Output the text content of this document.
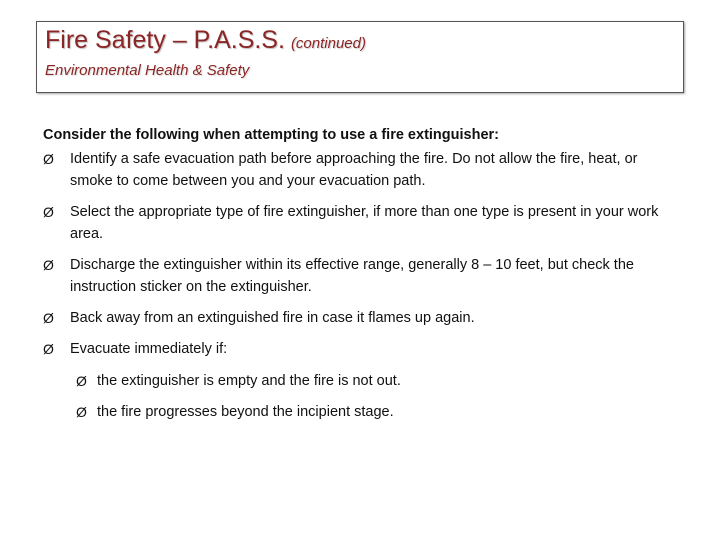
Fire Safety – P.A.S.S. (continued)
Environmental Health & Safety

Consider the following when attempting to use a fire extinguisher:

Ø	Identify a safe evacuation path before approaching the fire. Do not allow the fire, heat, or smoke to come between you and your evacuation path.

Ø	Select the appropriate type of fire extinguisher, if more than one type is present in your work area.

Ø	Discharge the extinguisher within its effective range, generally 8 – 10 feet, but check the instruction sticker on the extinguisher.

Ø	Back away from an extinguished fire in case it flames up again.

Ø	Evacuate immediately if:

Ø the extinguisher is empty and the fire is not out.

Ø the fire progresses beyond the incipient stage.
